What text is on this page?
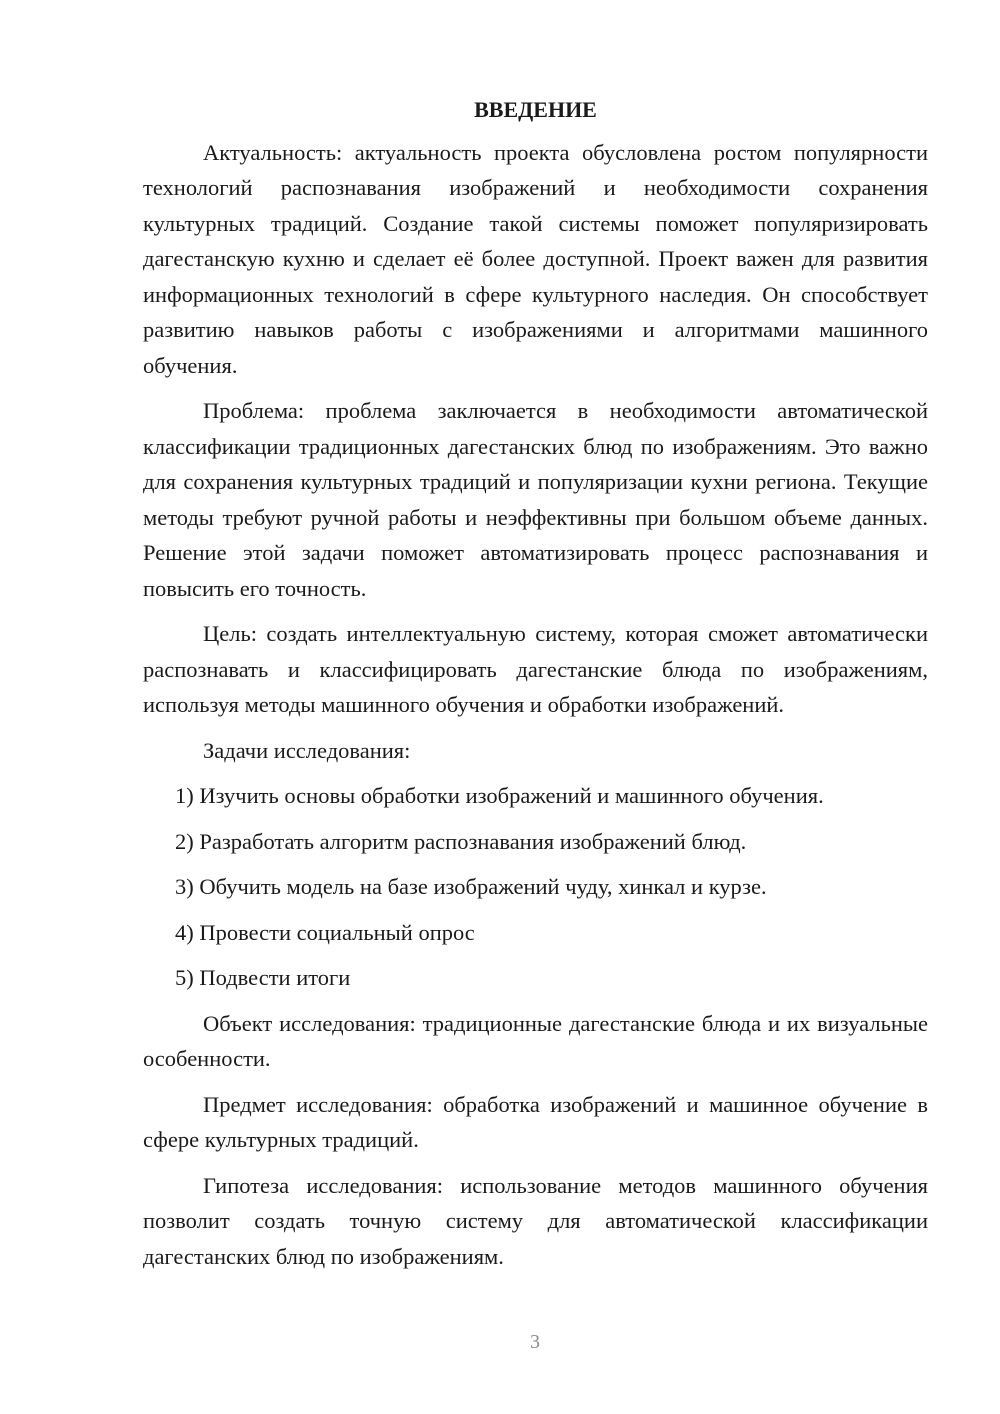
ВВЕДЕНИЕ

Актуальность: актуальность проекта обусловлена ростом популярности технологий распознавания изображений и необходимости сохранения культурных традиций. Создание такой системы поможет популяризировать дагестанскую кухню и сделает её более доступной. Проект важен для развития информационных технологий в сфере культурного наследия. Он способствует развитию навыков работы с изображениями и алгоритмами машинного обучения.

Проблема: проблема заключается в необходимости автоматической классификации традиционных дагестанских блюд по изображениям. Это важно для сохранения культурных традиций и популяризации кухни региона. Текущие методы требуют ручной работы и неэффективны при большом объеме данных. Решение этой задачи поможет автоматизировать процесс распознавания и повысить его точность.

Цель: создать интеллектуальную систему, которая сможет автоматически распознавать и классифицировать дагестанские блюда по изображениям, используя методы машинного обучения и обработки изображений.

Задачи исследования:
1) Изучить основы обработки изображений и машинного обучения.
2) Разработать алгоритм распознавания изображений блюд.
3) Обучить модель на базе изображений чуду, хинкал и курзе.
4) Провести социальный опрос
5) Подвести итоги

Объект исследования: традиционные дагестанские блюда и их визуальные особенности.

Предмет исследования: обработка изображений и машинное обучение в сфере культурных традиций.

Гипотеза исследования: использование методов машинного обучения позволит создать точную систему для автоматической классификации дагестанских блюд по изображениям.

3
